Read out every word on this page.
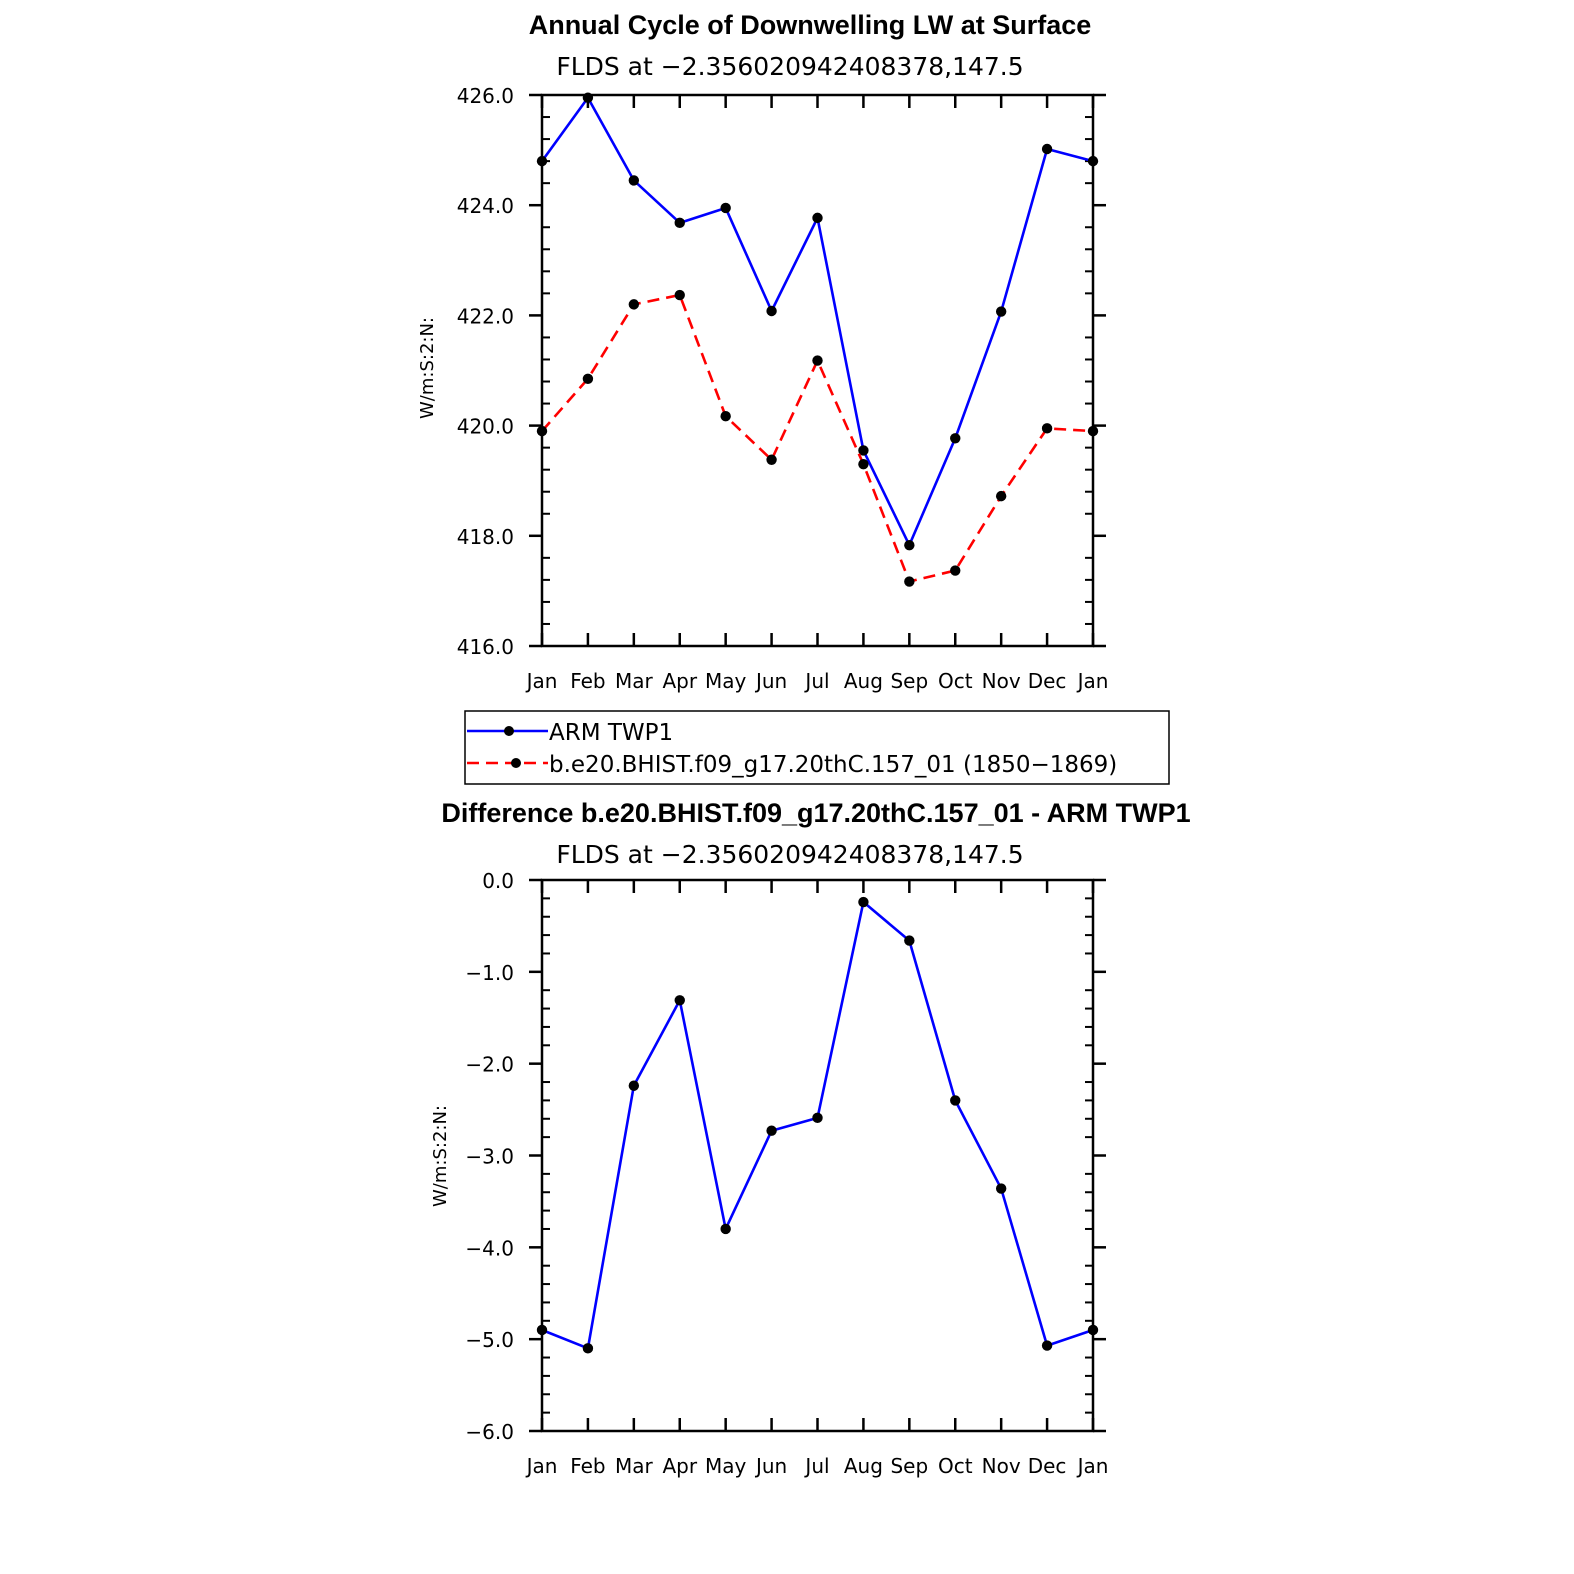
Annual Cycle of Downwelling LW at Surface
FLDS at −2.356020942408378,147.5
W/m:S:2:N:
Jan Feb Mar Apr May Jun Jul Aug Sep Oct Nov Dec Jan
416.0
418.0
420.0
422.0
424.0
426.0
ARM TWP1
b.e20.BHIST.f09_g17.20thC.157_01 (1850−1869)
Difference b.e20.BHIST.f09_g17.20thC.157_01 - ARM TWP1
FLDS at −2.356020942408378,147.5
W/m:S:2:N:
Jan Feb Mar Apr May Jun Jul Aug Sep Oct Nov Dec Jan
−6.0
−5.0
−4.0
−3.0
−2.0
−1.0
0.0
